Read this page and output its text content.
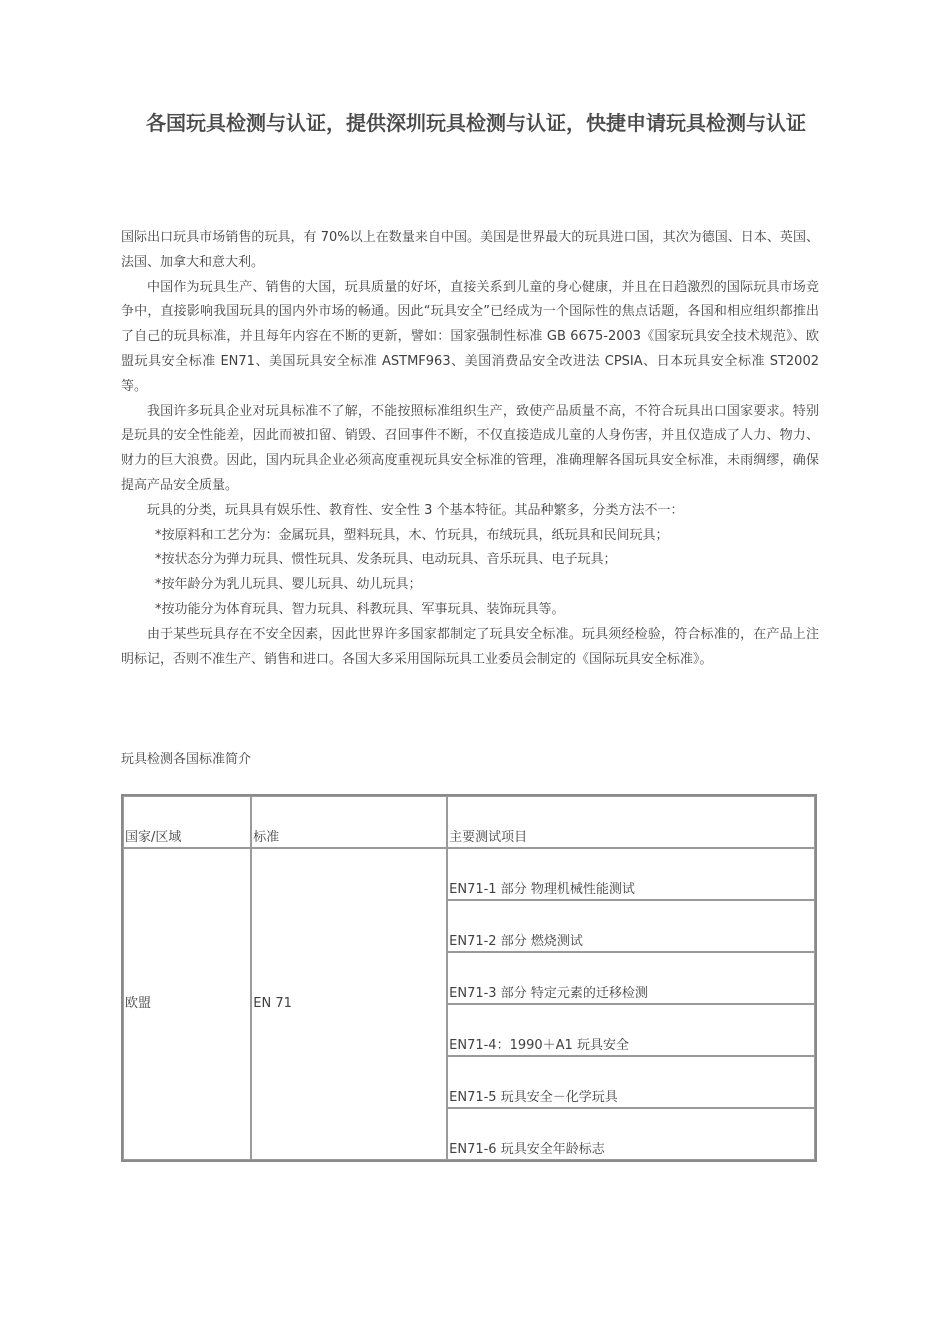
各国玩具检测与认证，提供深圳玩具检测与认证，快捷申请玩具检测与认证

国际出口玩具市场销售的玩具，有 70%以上在数量来自中国。美国是世界最大的玩具进口国，其次为德国、日本、英国、法国、加拿大和意大利。

中国作为玩具生产、销售的大国，玩具质量的好坏，直接关系到儿童的身心健康，并且在日趋激烈的国际玩具市场竞争中，直接影响我国玩具的国内外市场的畅通。因此“玩具安全”已经成为一个国际性的焦点话题，各国和相应组织都推出了自己的玩具标准，并且每年内容在不断的更新，譬如：国家强制性标准 GB 6675-2003《国家玩具安全技术规范》、欧盟玩具安全标准 EN71、美国玩具安全标准 ASTMF963、美国消费品安全改进法 CPSIA、日本玩具安全标准 ST2002 等。

我国许多玩具企业对玩具标准不了解，不能按照标准组织生产，致使产品质量不高，不符合玩具出口国家要求。特别是玩具的安全性能差，因此而被扣留、销毁、召回事件不断，不仅直接造成儿童的人身伤害，并且仅造成了人力、物力、财力的巨大浪费。因此，国内玩具企业必须高度重视玩具安全标准的管理，准确理解各国玩具安全标准，未雨绸缪，确保提高产品安全质量。

玩具的分类，玩具具有娱乐性、教育性、安全性 3 个基本特征。其品种繁多，分类方法不一：

*按原料和工艺分为：金属玩具，塑料玩具，木、竹玩具，布绒玩具，纸玩具和民间玩具；

*按状态分为弹力玩具、惯性玩具、发条玩具、电动玩具、音乐玩具、电子玩具；

*按年龄分为乳儿玩具、婴儿玩具、幼儿玩具；

*按功能分为体育玩具、智力玩具、科教玩具、军事玩具、装饰玩具等。

由于某些玩具存在不安全因素，因此世界许多国家都制定了玩具安全标准。玩具须经检验，符合标准的，在产品上注明标记，否则不准生产、销售和进口。各国大多采用国际玩具工业委员会制定的《国际玩具安全标准》。

玩具检测各国标准简介
国家/区域	标准	主要测试项目
欧盟	EN 71	EN71-1 部分 物理机械性能测试
		EN71-2 部分 燃烧测试
		EN71-3 部分 特定元素的迁移检测
		EN71-4：1990＋A1 玩具安全
		EN71-5 玩具安全－化学玩具
		EN71-6 玩具安全年龄标志
